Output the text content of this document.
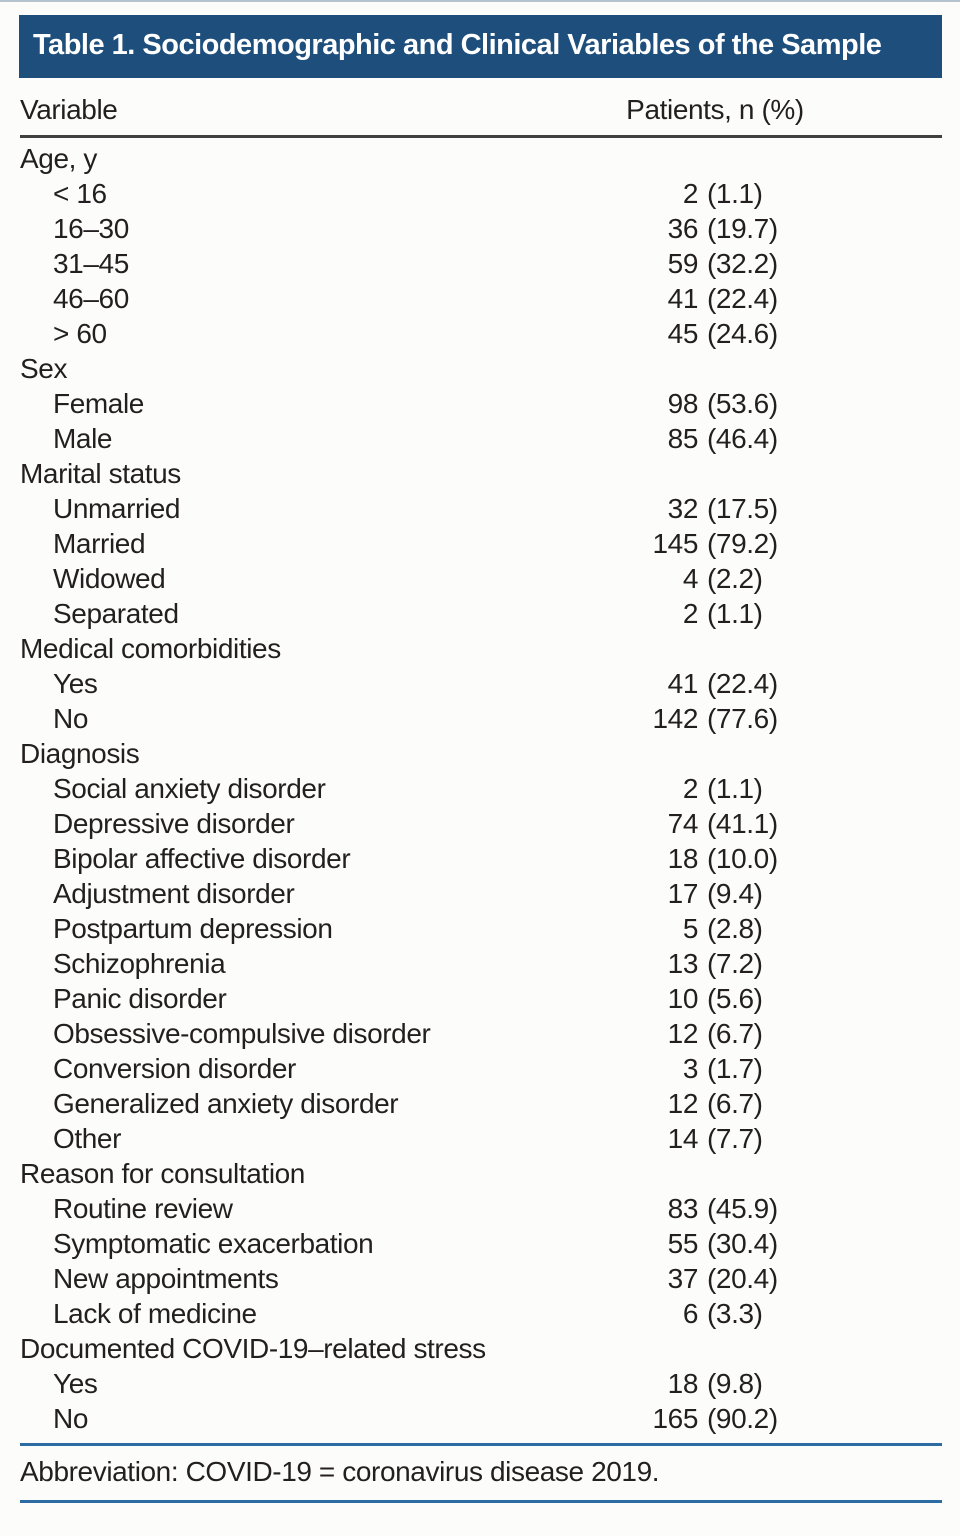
Table 1. Sociodemographic and Clinical Variables of the Sample
Variable	Patients, n (%)
Age, y
< 16	2 (1.1)
16–30	36 (19.7)
31–45	59 (32.2)
46–60	41 (22.4)
> 60	45 (24.6)
Sex
Female	98 (53.6)
Male	85 (46.4)
Marital status
Unmarried	32 (17.5)
Married	145 (79.2)
Widowed	4 (2.2)
Separated	2 (1.1)
Medical comorbidities
Yes	41 (22.4)
No	142 (77.6)
Diagnosis
Social anxiety disorder	2 (1.1)
Depressive disorder	74 (41.1)
Bipolar affective disorder	18 (10.0)
Adjustment disorder	17 (9.4)
Postpartum depression	5 (2.8)
Schizophrenia	13 (7.2)
Panic disorder	10 (5.6)
Obsessive-compulsive disorder	12 (6.7)
Conversion disorder	3 (1.7)
Generalized anxiety disorder	12 (6.7)
Other	14 (7.7)
Reason for consultation
Routine review	83 (45.9)
Symptomatic exacerbation	55 (30.4)
New appointments	37 (20.4)
Lack of medicine	6 (3.3)
Documented COVID-19–related stress
Yes	18 (9.8)
No	165 (90.2)
Abbreviation: COVID-19 = coronavirus disease 2019.
